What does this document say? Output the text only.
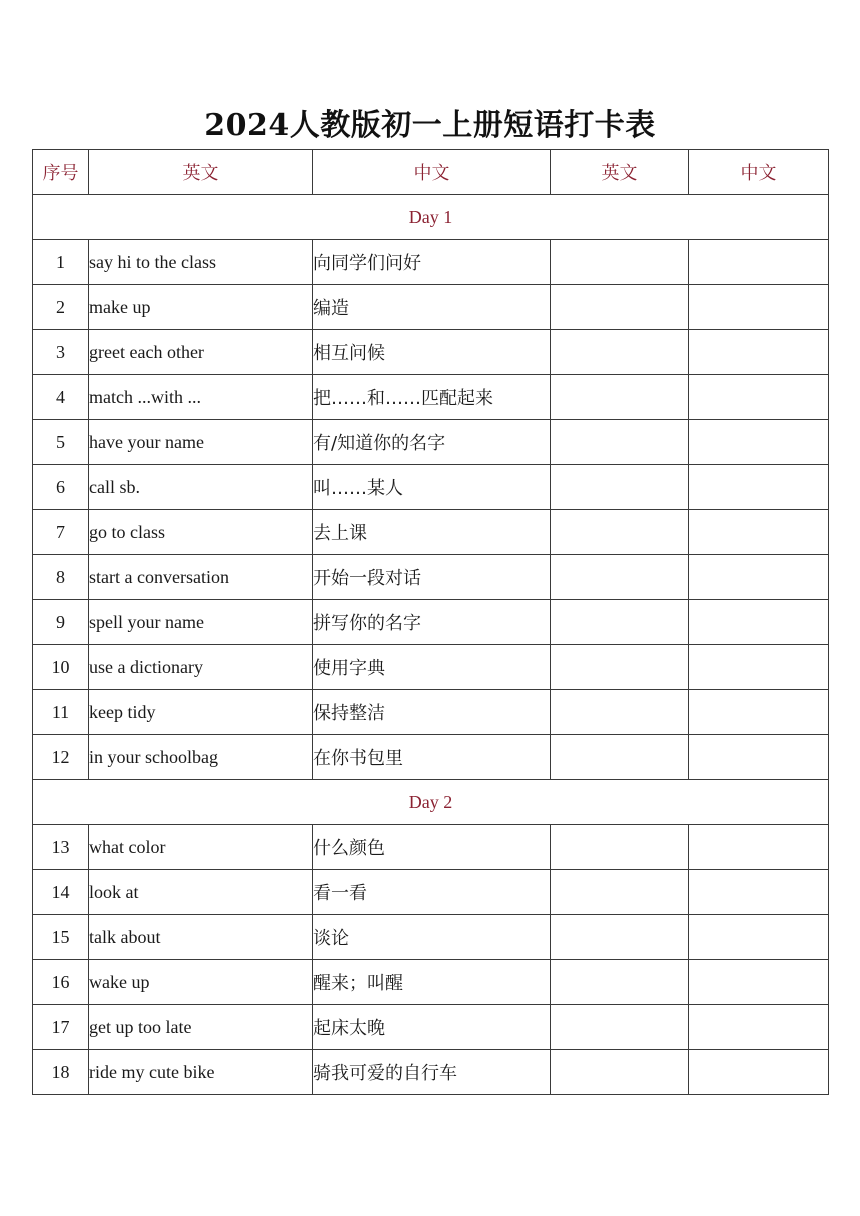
2024人教版初一上册短语打卡表
序号	英文	中文	英文	中文
Day 1				
1	say hi to the class	向同学们问好		
2	make up	编造		
3	greet each other	相互问候		
4	match ...with ...	把……和……匹配起来		
5	have your name	有/知道你的名字		
6	call sb.	叫……某人		
7	go to class	去上课		
8	start a conversation	开始一段对话		
9	spell your name	拼写你的名字		
10	use a dictionary	使用字典		
11	keep tidy	保持整洁		
12	in your schoolbag	在你书包里		
Day 2				
13	what color	什么颜色		
14	look at	看一看		
15	talk about	谈论		
16	wake up	醒来；叫醒		
17	get up too late	起床太晚		
18	ride my cute bike	骑我可爱的自行车		
